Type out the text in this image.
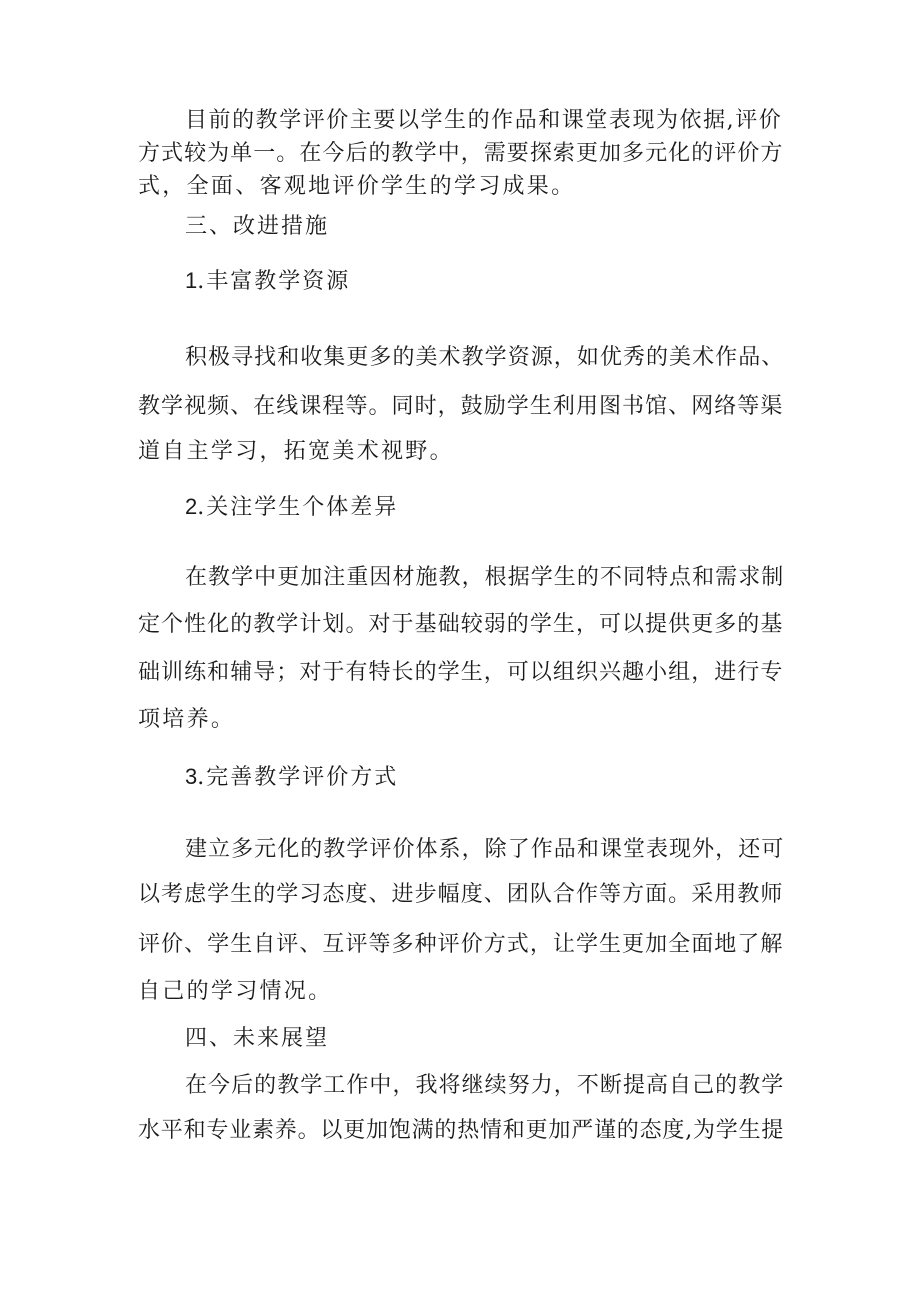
目前的教学评价主要以学生的作品和课堂表现为依据,评价
方式较为单一。在今后的教学中，需要探索更加多元化的评价方
式，全面、客观地评价学生的学习成果。
三、改进措施
1.丰富教学资源
积极寻找和收集更多的美术教学资源，如优秀的美术作品、
教学视频、在线课程等。同时，鼓励学生利用图书馆、网络等渠
道自主学习，拓宽美术视野。
2.关注学生个体差异
在教学中更加注重因材施教，根据学生的不同特点和需求制
定个性化的教学计划。对于基础较弱的学生，可以提供更多的基
础训练和辅导；对于有特长的学生，可以组织兴趣小组，进行专
项培养。
3.完善教学评价方式
建立多元化的教学评价体系，除了作品和课堂表现外，还可
以考虑学生的学习态度、进步幅度、团队合作等方面。采用教师
评价、学生自评、互评等多种评价方式，让学生更加全面地了解
自己的学习情况。
四、未来展望
在今后的教学工作中，我将继续努力，不断提高自己的教学
水平和专业素养。以更加饱满的热情和更加严谨的态度,为学生提
